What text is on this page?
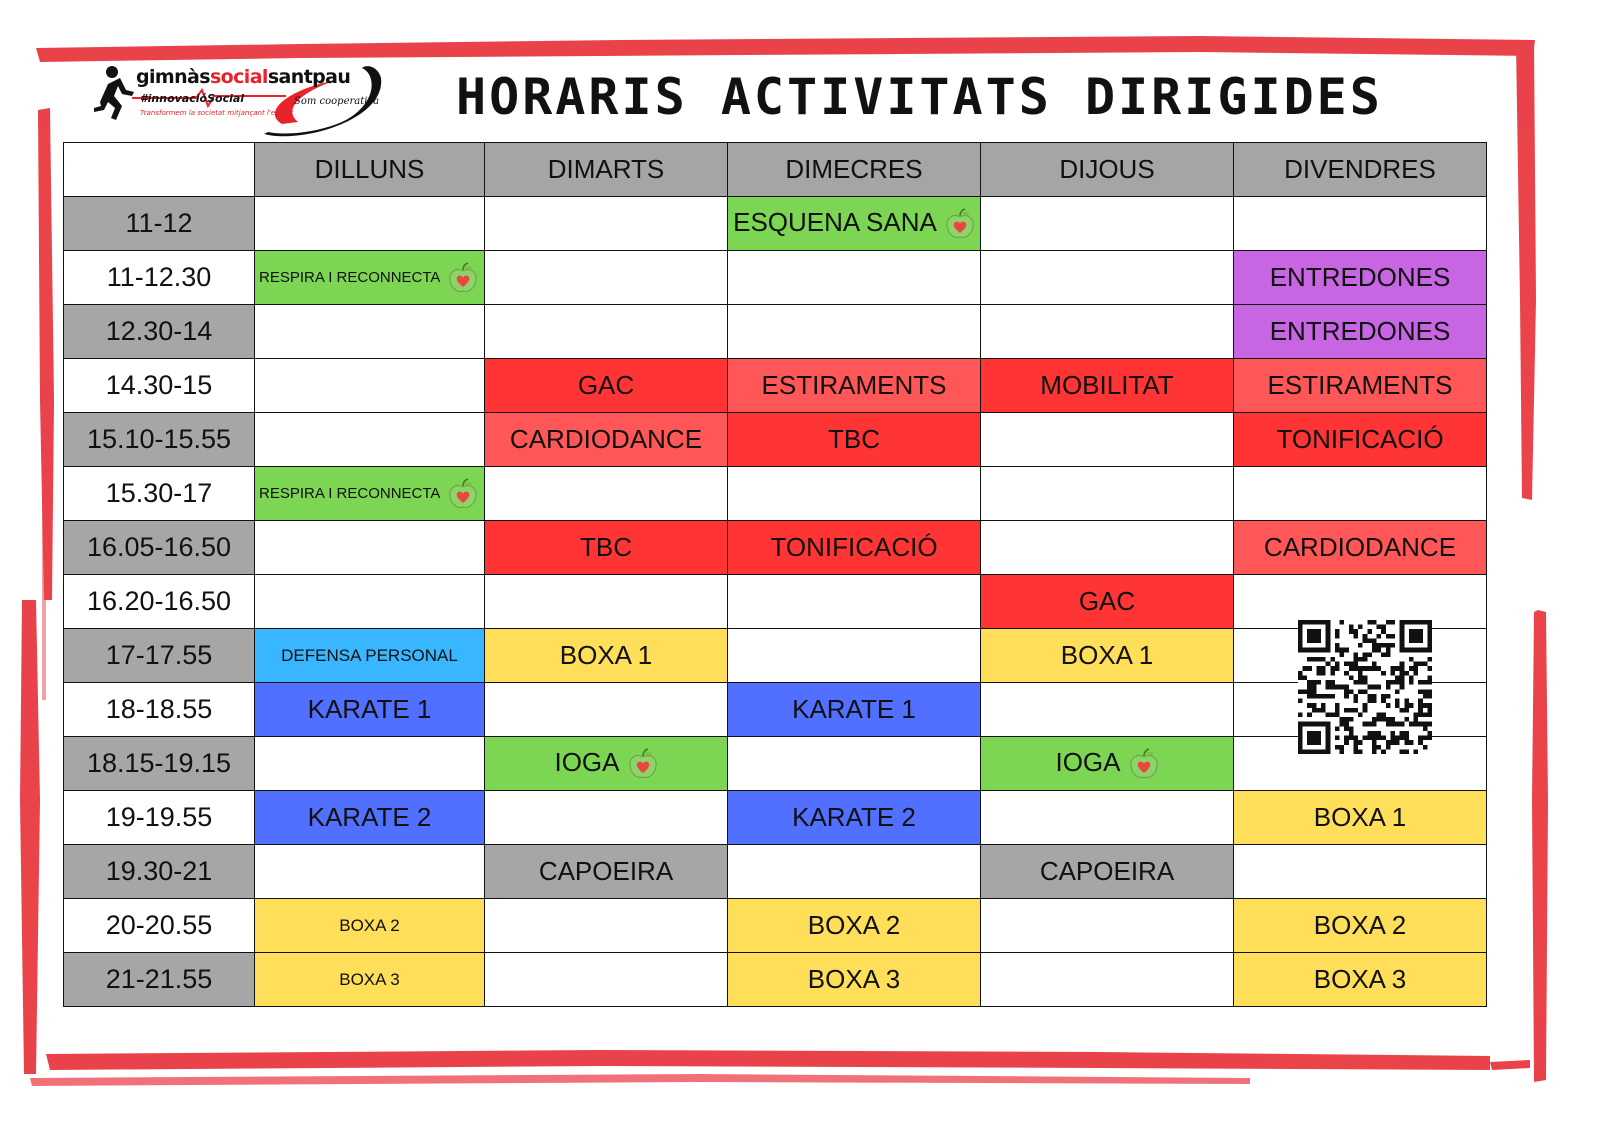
gimnàssocialsantpau
#innovacióSocial
Transformem la societat mitjançant l'esport
Som cooperativa HORARIS ACTIVITATS DIRIGIDES
	DILLUNS	DIMARTS	DIMECRES	DIJOUS	DIVENDRES
11-12			ESQUENA SANA		
11-12.30	RESPIRA I RECONNECTA				ENTREDONES
12.30-14					ENTREDONES
14.30-15		GAC	ESTIRAMENTS	MOBILITAT	ESTIRAMENTS
15.10-15.55		CARDIODANCE	TBC		TONIFICACIÓ
15.30-17	RESPIRA I RECONNECTA				
16.05-16.50		TBC	TONIFICACIÓ		CARDIODANCE
16.20-16.50				GAC	
17-17.55	DEFENSA PERSONAL	BOXA 1		BOXA 1	
18-18.55	KARATE 1		KARATE 1		
18.15-19.15		IOGA		IOGA	
19-19.55	KARATE 2		KARATE 2		BOXA 1
19.30-21		CAPOEIRA		CAPOEIRA	
20-20.55	BOXA 2		BOXA 2		BOXA 2
21-21.55	BOXA 3		BOXA 3		BOXA 3
